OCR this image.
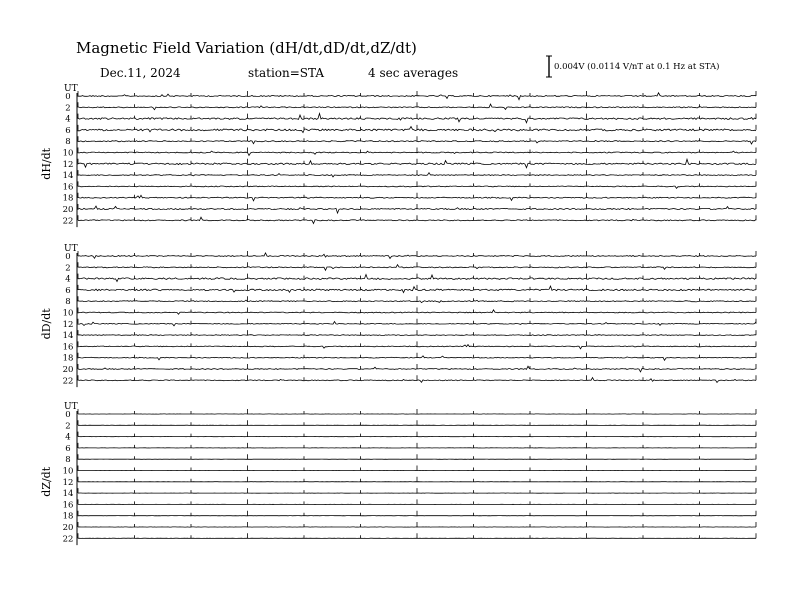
Magnetic Field Variation (dH/dt,dD/dt,dZ/dt)
Dec.11, 2024	station=STA	4 sec averages	0.004V (0.0114 V/nT at 0.1 Hz at STA)
UT
dH/dt
0
2
4
6
8
10
12
14
16
18
20
22
UT
dD/dt
0
2
4
6
8
10
12
14
16
18
20
22
UT
dZ/dt
0
2
4
6
8
10
12
14
16
18
20
22
